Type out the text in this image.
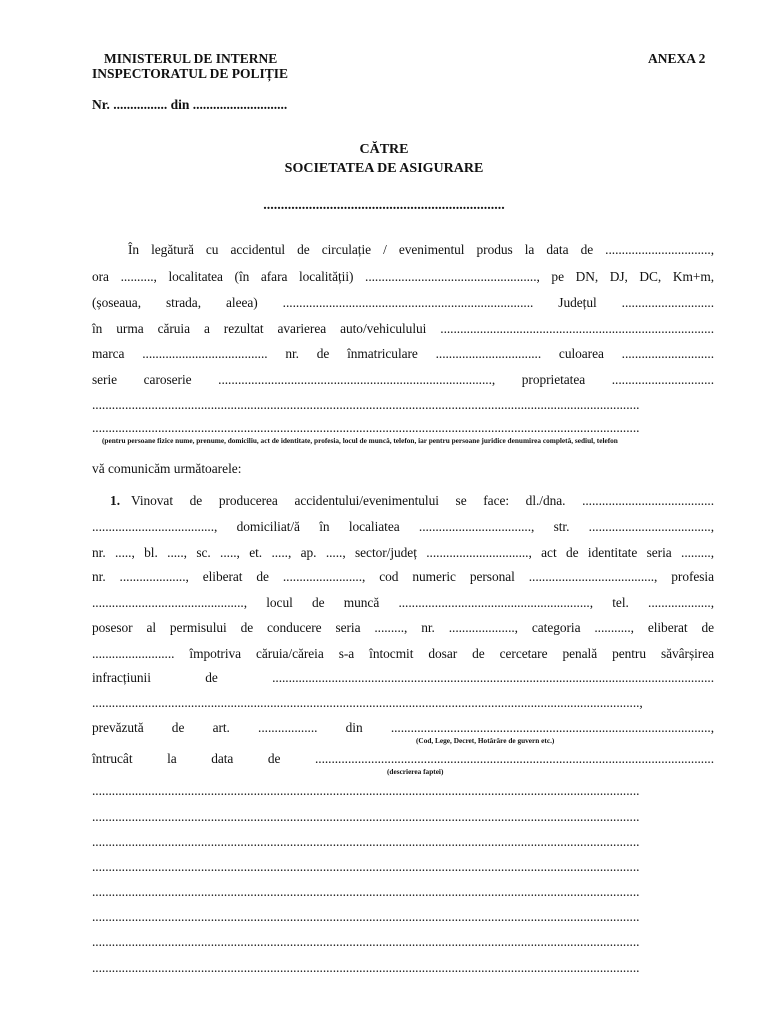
MINISTERUL DE INTERNE
INSPECTORATUL DE POLIȚIE
ANEXA 2
Nr. ................ din ............................
CĂTRE
SOCIETATEA DE ASIGURARE
.....................................................................
În legătură cu accidentul de circulație / evenimentul produs la data de ................................,
ora .........., localitatea (în afara localității) ...................................................., pe DN, DJ, DC, Km+m,
(șoseaua, strada, aleea) ............................................................................ Județul ............................
în urma căruia a rezultat avarierea auto/vehiculului ...................................................................................
marca ...................................... nr. de înmatriculare ................................ culoarea ............................
serie caroserie ..................................................................................., proprietatea ...............................
......................................................................................................................................................................
......................................................................................................................................................................
(pentru persoane fizice nume, prenume, domiciliu, act de identitate, profesia, locul de muncă, telefon, iar pentru persoane juridice denumirea completă, sediul, telefon
vă comunicăm următoarele:
1. Vinovat de producerea accidentului/evenimentului se face: dl./dna. ........................................
....................................., domiciliat/ă în localiatea .................................., str. .....................................,
nr. ....., bl. ....., sc. ....., et. ....., ap. ....., sector/județ ..............................., act de identitate seria .........,
nr. ...................., eliberat de ........................, cod numeric personal ......................................, profesia
.............................................., locul de muncă .........................................................., tel. ...................,
posesor al permisului de conducere seria ........., nr. ...................., categoria ..........., eliberat de
......................... împotriva căruia/căreia s-a întocmit dosar de cercetare penală pentru săvârșirea
infracțiunii de ......................................................................................................................................
......................................................................................................................................................................,
prevăzută de art. .................. din .................................................................................................,
(Cod, Lege, Decret, Hotărâre de guvern etc.)
întrucât la data de .........................................................................................................................
(descrierea faptei)
......................................................................................................................................................................
......................................................................................................................................................................
......................................................................................................................................................................
......................................................................................................................................................................
......................................................................................................................................................................
......................................................................................................................................................................
......................................................................................................................................................................
......................................................................................................................................................................
